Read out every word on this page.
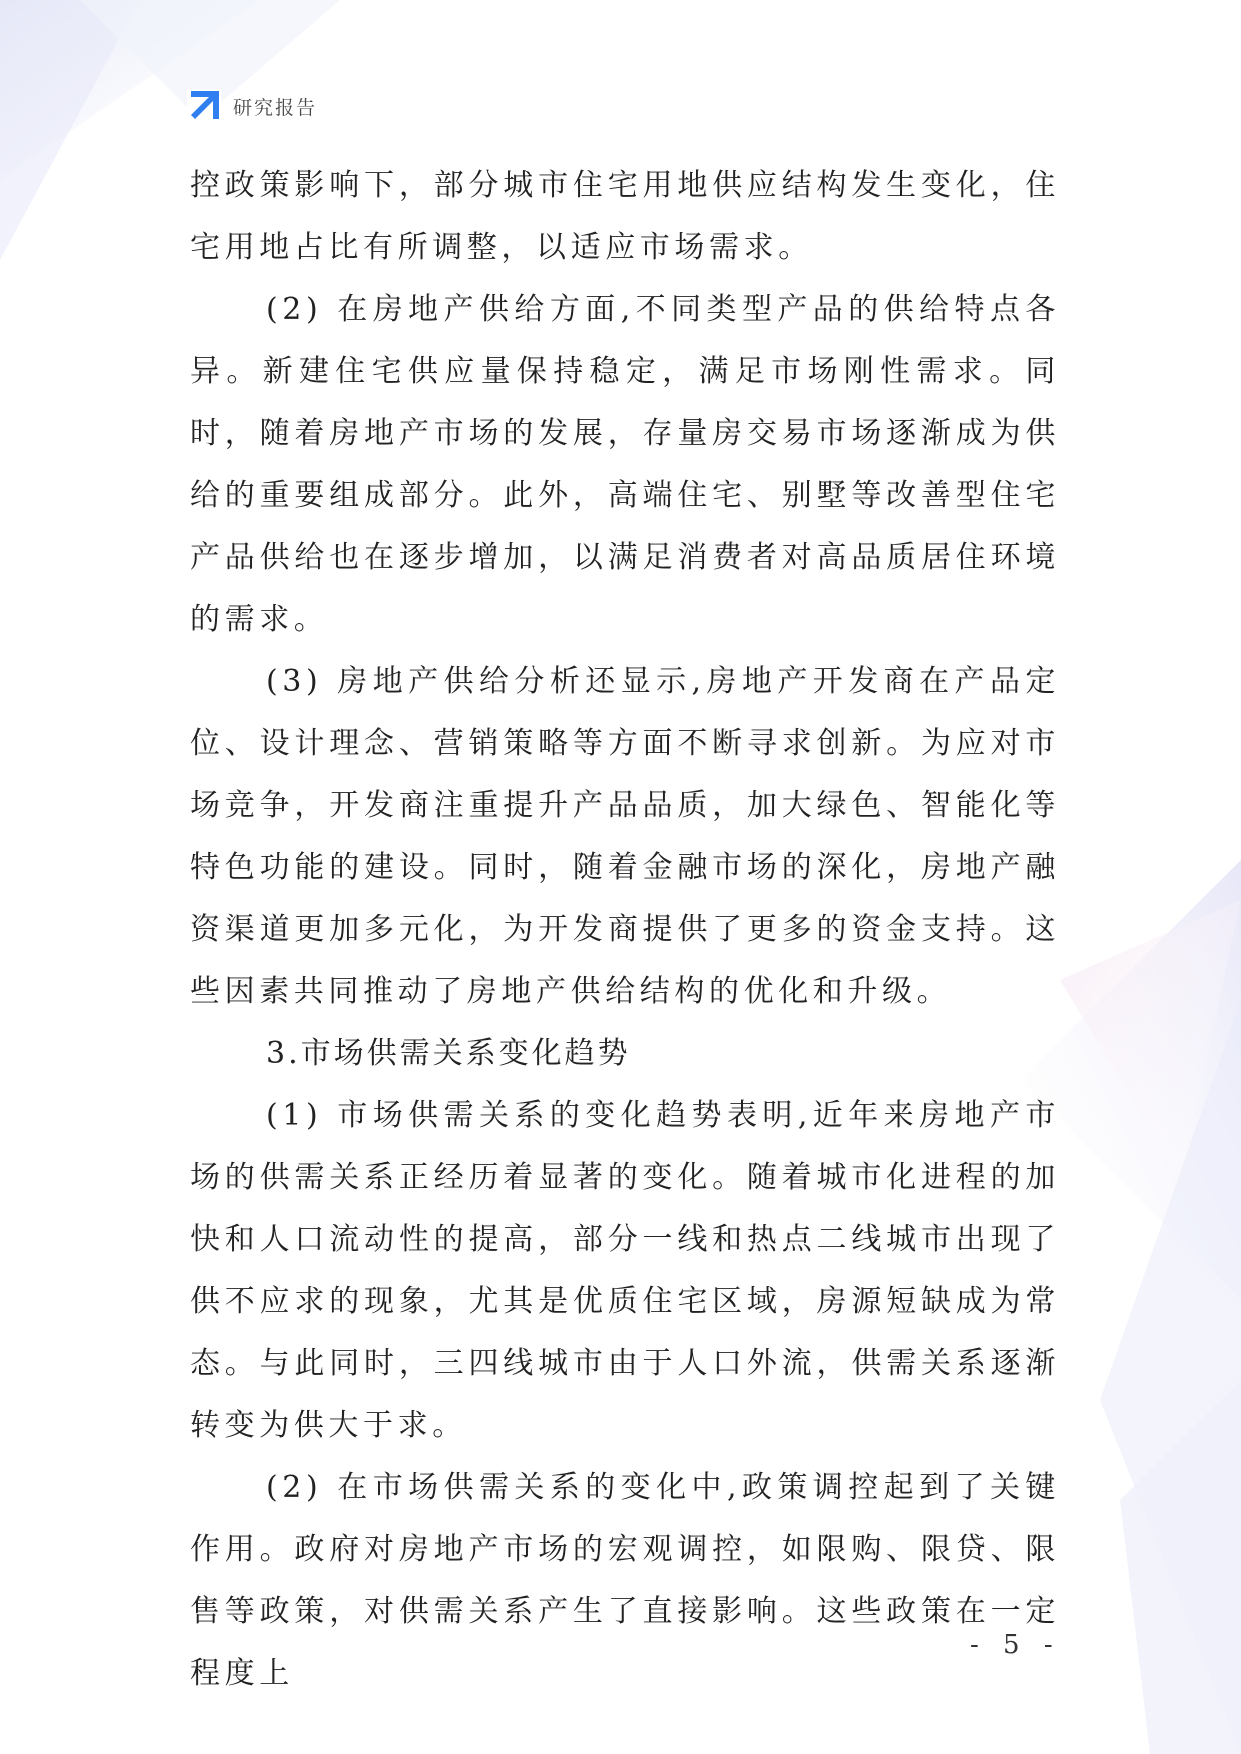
研究报告

控政策影响下，部分城市住宅用地供应结构发生变化，住宅用地占比有所调整，以适应市场需求。

(2) 在房地产供给方面,不同类型产品的供给特点各异。新建住宅供应量保持稳定，满足市场刚性需求。同时，随着房地产市场的发展，存量房交易市场逐渐成为供给的重要组成部分。此外，高端住宅、别墅等改善型住宅产品供给也在逐步增加，以满足消费者对高品质居住环境的需求。

(3) 房地产供给分析还显示,房地产开发商在产品定位、设计理念、营销策略等方面不断寻求创新。为应对市场竞争，开发商注重提升产品品质，加大绿色、智能化等特色功能的建设。同时，随着金融市场的深化，房地产融资渠道更加多元化，为开发商提供了更多的资金支持。这些因素共同推动了房地产供给结构的优化和升级。

3.市场供需关系变化趋势

(1) 市场供需关系的变化趋势表明,近年来房地产市场的供需关系正经历着显著的变化。随着城市化进程的加快和人口流动性的提高，部分一线和热点二线城市出现了供不应求的现象，尤其是优质住宅区域，房源短缺成为常态。与此同时，三四线城市由于人口外流，供需关系逐渐转变为供大于求。

(2) 在市场供需关系的变化中,政策调控起到了关键作用。政府对房地产市场的宏观调控，如限购、限贷、限售等政策，对供需关系产生了直接影响。这些政策在一定程度上

- 5 -
